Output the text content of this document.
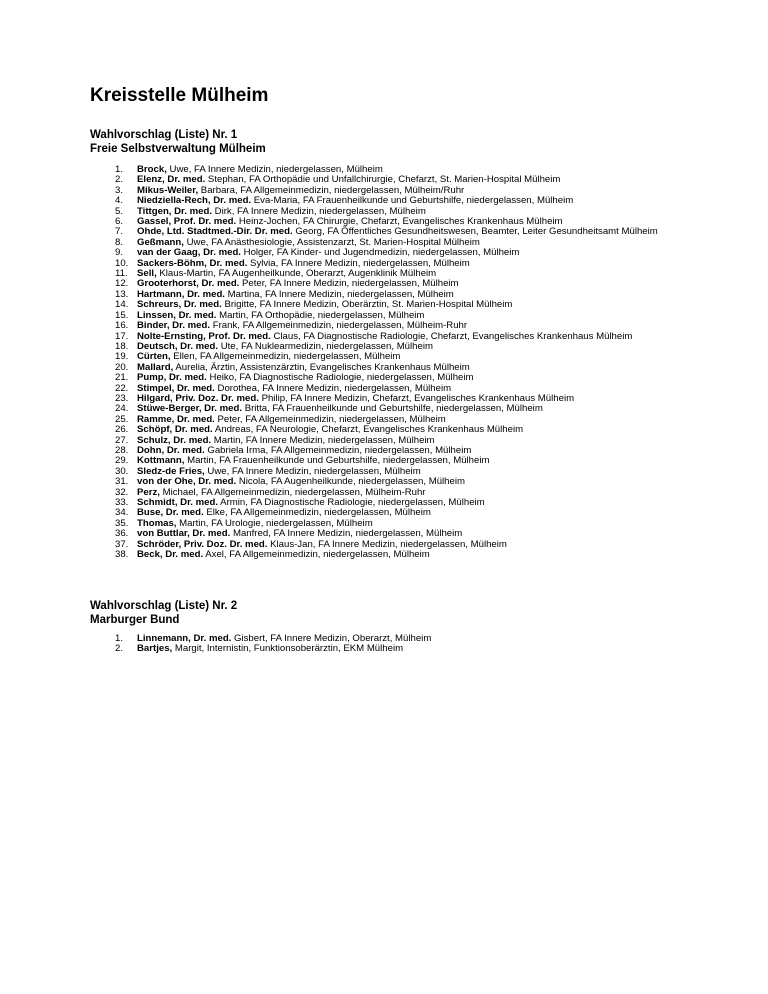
Kreisstelle Mülheim
Wahlvorschlag (Liste) Nr. 1
Freie Selbstverwaltung Mülheim
1. Brock, Uwe, FA Innere Medizin, niedergelassen, Mülheim
2. Elenz, Dr. med. Stephan, FA Orthopädie und Unfallchirurgie, Chefarzt, St. Marien-Hospital Mülheim
3. Mikus-Weiler, Barbara, FA Allgemeinmedizin, niedergelassen, Mülheim/Ruhr
4. Niedziella-Rech, Dr. med. Eva-Maria, FA Frauenheilkunde und Geburtshilfe, niedergelassen, Mülheim
5. Tittgen, Dr. med. Dirk, FA Innere Medizin, niedergelassen, Mülheim
6. Gassel, Prof. Dr. med. Heinz-Jochen, FA Chirurgie, Chefarzt, Evangelisches Krankenhaus Mülheim
7. Ohde, Ltd. Stadtmed.-Dir. Dr. med. Georg, FA Öffentliches Gesundheitswesen, Beamter, Leiter Gesundheitsamt Mülheim
8. Geßmann, Uwe, FA Anästhesiologie, Assistenzarzt, St. Marien-Hospital Mülheim
9. van der Gaag, Dr. med. Holger, FA Kinder- und Jugendmedizin, niedergelassen, Mülheim
10. Sackers-Böhm, Dr. med. Sylvia, FA Innere Medizin, niedergelassen, Mülheim
11. Sell, Klaus-Martin, FA Augenheilkunde, Oberarzt, Augenklinik Mülheim
12. Grooterhorst, Dr. med. Peter, FA Innere Medizin, niedergelassen, Mülheim
13. Hartmann, Dr. med. Martina, FA Innere Medizin, niedergelassen, Mülheim
14. Schreurs, Dr. med. Brigitte, FA Innere Medizin, Oberärztin, St. Marien-Hospital Mülheim
15. Linssen, Dr. med. Martin, FA Orthopädie, niedergelassen, Mülheim
16. Binder, Dr. med. Frank, FA Allgemeinmedizin, niedergelassen, Mülheim-Ruhr
17. Nolte-Ernsting, Prof. Dr. med. Claus, FA Diagnostische Radiologie, Chefarzt, Evangelisches Krankenhaus Mülheim
18. Deutsch, Dr. med. Ute, FA Nuklearmedizin, niedergelassen, Mülheim
19. Cürten, Ellen, FA Allgemeinmedizin, niedergelassen, Mülheim
20. Mallard, Aurelia, Ärztin, Assistenzärztin, Evangelisches Krankenhaus Mülheim
21. Pump, Dr. med. Heiko, FA Diagnostische Radiologie, niedergelassen, Mülheim
22. Stimpel, Dr. med. Dorothea, FA Innere Medizin, niedergelassen, Mülheim
23. Hilgard, Priv. Doz. Dr. med. Philip, FA Innere Medizin, Chefarzt, Evangelisches Krankenhaus Mülheim
24. Stüwe-Berger, Dr. med. Britta, FA Frauenheilkunde und Geburtshilfe, niedergelassen, Mülheim
25. Ramme, Dr. med. Peter, FA Allgemeinmedizin, niedergelassen, Mülheim
26. Schöpf, Dr. med. Andreas, FA Neurologie, Chefarzt, Evangelisches Krankenhaus Mülheim
27. Schulz, Dr. med. Martin, FA Innere Medizin, niedergelassen, Mülheim
28. Dohn, Dr. med. Gabriela Irma, FA Allgemeinmedizin, niedergelassen, Mülheim
29. Kottmann, Martin, FA Frauenheilkunde und Geburtshilfe, niedergelassen, Mülheim
30. Sledz-de Fries, Uwe, FA Innere Medizin, niedergelassen, Mülheim
31. von der Ohe, Dr. med. Nicola, FA Augenheilkunde, niedergelassen, Mülheim
32. Perz, Michael, FA Allgemeinmedizin, niedergelassen, Mülheim-Ruhr
33. Schmidt, Dr. med. Armin, FA Diagnostische Radiologie, niedergelassen, Mülheim
34. Buse, Dr. med. Elke, FA Allgemeinmedizin, niedergelassen, Mülheim
35. Thomas, Martin, FA Urologie, niedergelassen, Mülheim
36. von Buttlar, Dr. med. Manfred, FA Innere Medizin, niedergelassen, Mülheim
37. Schröder, Priv. Doz. Dr. med. Klaus-Jan, FA Innere Medizin, niedergelassen, Mülheim
38. Beck, Dr. med. Axel, FA Allgemeinmedizin, niedergelassen, Mülheim
Wahlvorschlag (Liste) Nr. 2
Marburger Bund
1. Linnemann, Dr. med. Gisbert, FA Innere Medizin, Oberarzt, Mülheim
2. Bartjes, Margit, Internistin, Funktionsoberärztin, EKM Mülheim
